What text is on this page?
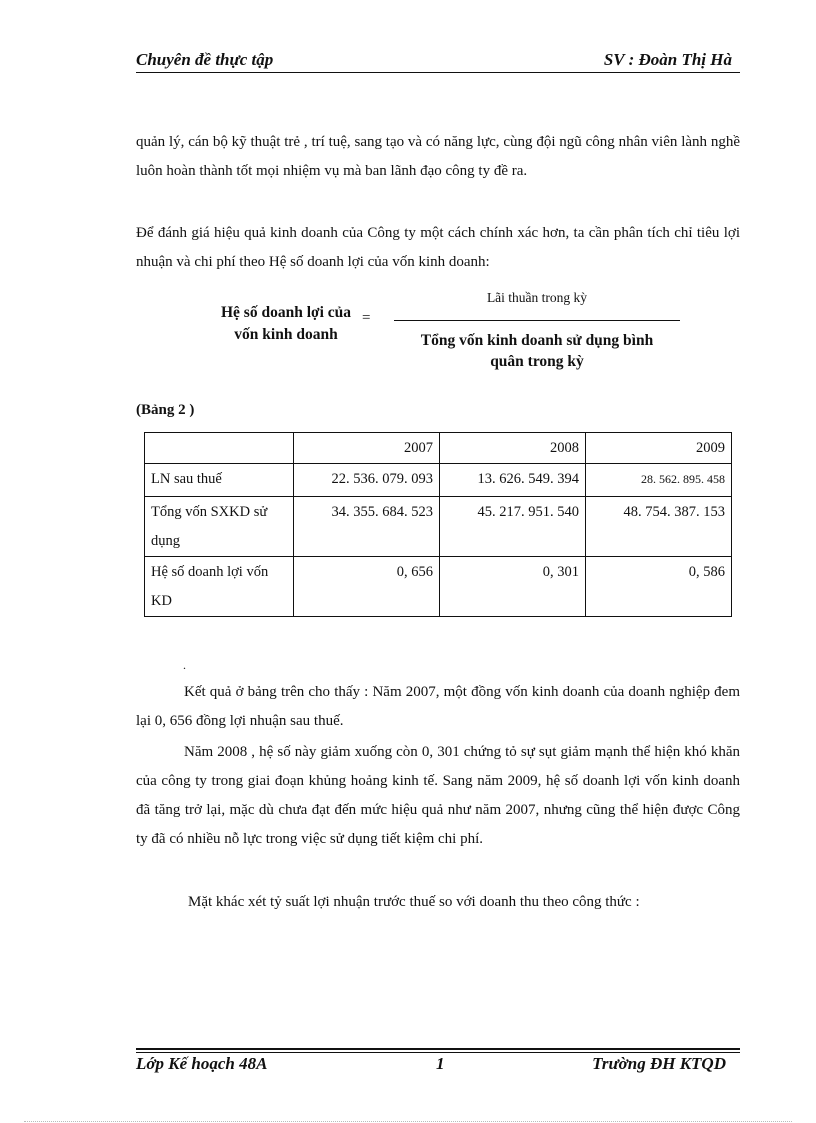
Chuyên đề thực tập	SV : Đoàn Thị Hà

quản lý, cán bộ kỹ thuật trẻ , trí tuệ, sang tạo và có năng lực, cùng đội ngũ công nhân viên lành nghề luôn hoàn thành tốt mọi nhiệm vụ mà ban lãnh đạo công ty đề ra.

Để đánh giá hiệu quả kinh doanh của Công ty một cách chính xác hơn, ta cần phân tích chỉ tiêu lợi nhuận và chi phí theo Hệ số doanh lợi của vốn kinh doanh:

Hệ số doanh lợi của
vốn kinh doanh
=
Lãi thuần trong kỳ
Tổng vốn kinh doanh sử dụng bình
quân trong kỳ
(Bảng 2 )
	2007	2008	2009
LN sau thuế	22. 536. 079. 093	13. 626. 549. 394	28. 562. 895. 458
Tổng vốn SXKD sử dụng	34. 355. 684. 523	45. 217. 951. 540	48. 754. 387. 153
Hệ số doanh lợi vốn KD	0, 656	0, 301	0, 586
.

Kết quả ở bảng trên cho thấy : Năm 2007, một đồng vốn kinh doanh của doanh nghiệp đem lại 0, 656 đồng lợi nhuận sau thuế.

Năm 2008 , hệ số này giảm xuống còn 0, 301 chứng tỏ sự sụt giảm mạnh thể hiện khó khăn của công ty trong giai đoạn khủng hoảng kinh tế. Sang năm 2009, hệ số doanh lợi vốn kinh doanh đã tăng trở lại, mặc dù chưa đạt đến mức hiệu quả như năm 2007, nhưng cũng thể hiện được Công ty đã có nhiều nỗ lực trong việc sử dụng tiết kiệm chi phí.

Mặt khác xét tỷ suất lợi nhuận trước thuế so với doanh thu theo công thức :

Lớp Kế hoạch 48A	1	Trường ĐH KTQD
